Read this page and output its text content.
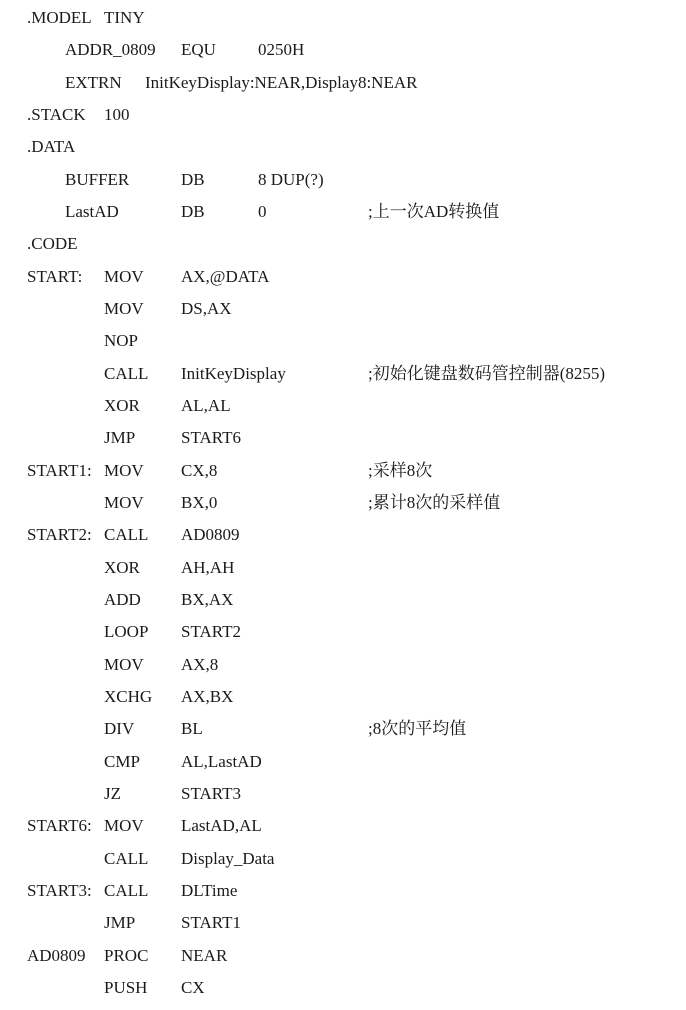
.MODEL TINY
ADDR_0809 EQU 0250H
EXTRN InitKeyDisplay:NEAR,Display8:NEAR
.STACK 100
.DATA
BUFFER	DB	8 DUP(?)
LastAD	DB	0	;上一次AD转换值
.CODE
START: MOV AX,@DATA
MOV DS,AX
NOP
CALL InitKeyDisplay	;初始化键盘数码管控制器(8255)
XOR AL,AL
JMP	START6
START1: MOV CX,8	;采样8次
MOV BX,0	;累计8次的采样值
START2: CALL AD0809
XOR AH,AH
ADD BX,AX
LOOP START2
MOV AX,8
XCHG AX,BX
DIV	BL	;8次的平均值
CMP AL,LastAD
JZ	START3
START6: MOV LastAD,AL
CALL Display_Data
START3: CALL DLTime
JMP	START1
AD0809 PROC NEAR
PUSH CX
